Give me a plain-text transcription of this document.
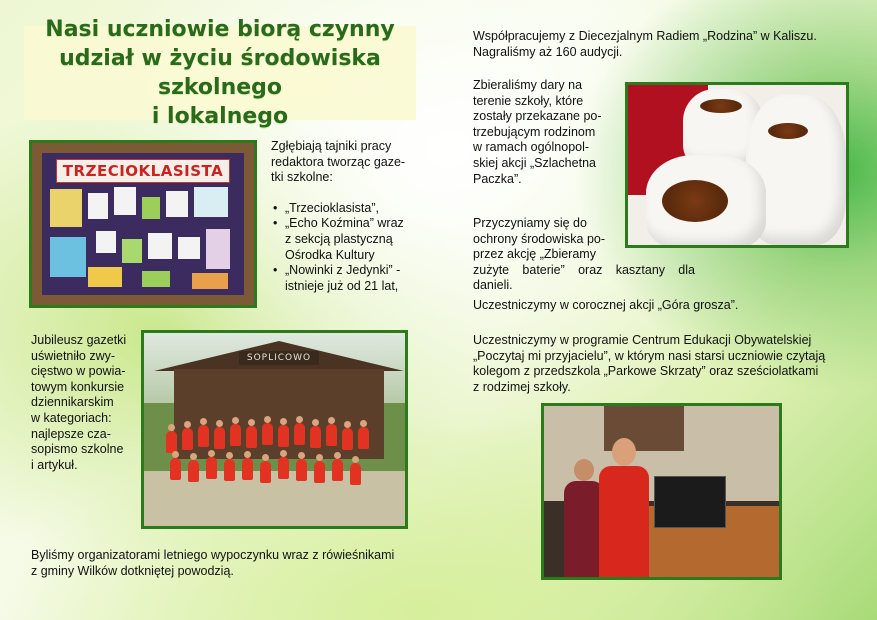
Nasi uczniowie biorą czynny
udział w życiu środowiska szkolnego
i lokalnego
TRZECIOKLASISTA
Zgłębiają tajniki pracy
redaktora tworząc gaze-
tki szkolne:
• „Trzecioklasista”,
• „Echo Koźmina” wraz
z sekcją plastyczną
Ośrodka Kultury
• „Nowinki z Jedynki” -
istnieje już od 21 lat,
Jubileusz gazetki
uświetniło zwy-
cięstwo w powia-
towym konkursie
dziennikarskim
w kategoriach:
najlepsze cza-
sopismo szkolne
i artykuł.
SOPLICOWO
Byliśmy organizatorami letniego wypoczynku wraz z rówieśnikami
z gminy Wilków dotkniętej powodzią.
Współpracujemy z Diecezjalnym Radiem „Rodzina” w Kaliszu.
Nagraliśmy aż 160 audycji.
Zbieraliśmy dary na
terenie szkoły, które
zostały przekazane po-
trzebującym rodzinom
w ramach ogólnopol-
skiej akcji „Szlachetna
Paczka”.
Przyczyniamy się do
ochrony środowiska po-
przez akcję „Zbieramy
zużyte baterie” oraz kasztany dla danieli.
Uczestniczymy w corocznej akcji „Góra grosza”.
Uczestniczymy w programie Centrum Edukacji Obywatelskiej
„Poczytaj mi przyjacielu”, w którym nasi starsi uczniowie czytają
kolegom z przedszkola „Parkowe Skrzaty” oraz sześciolatkami
z rodzimej szkoły.
